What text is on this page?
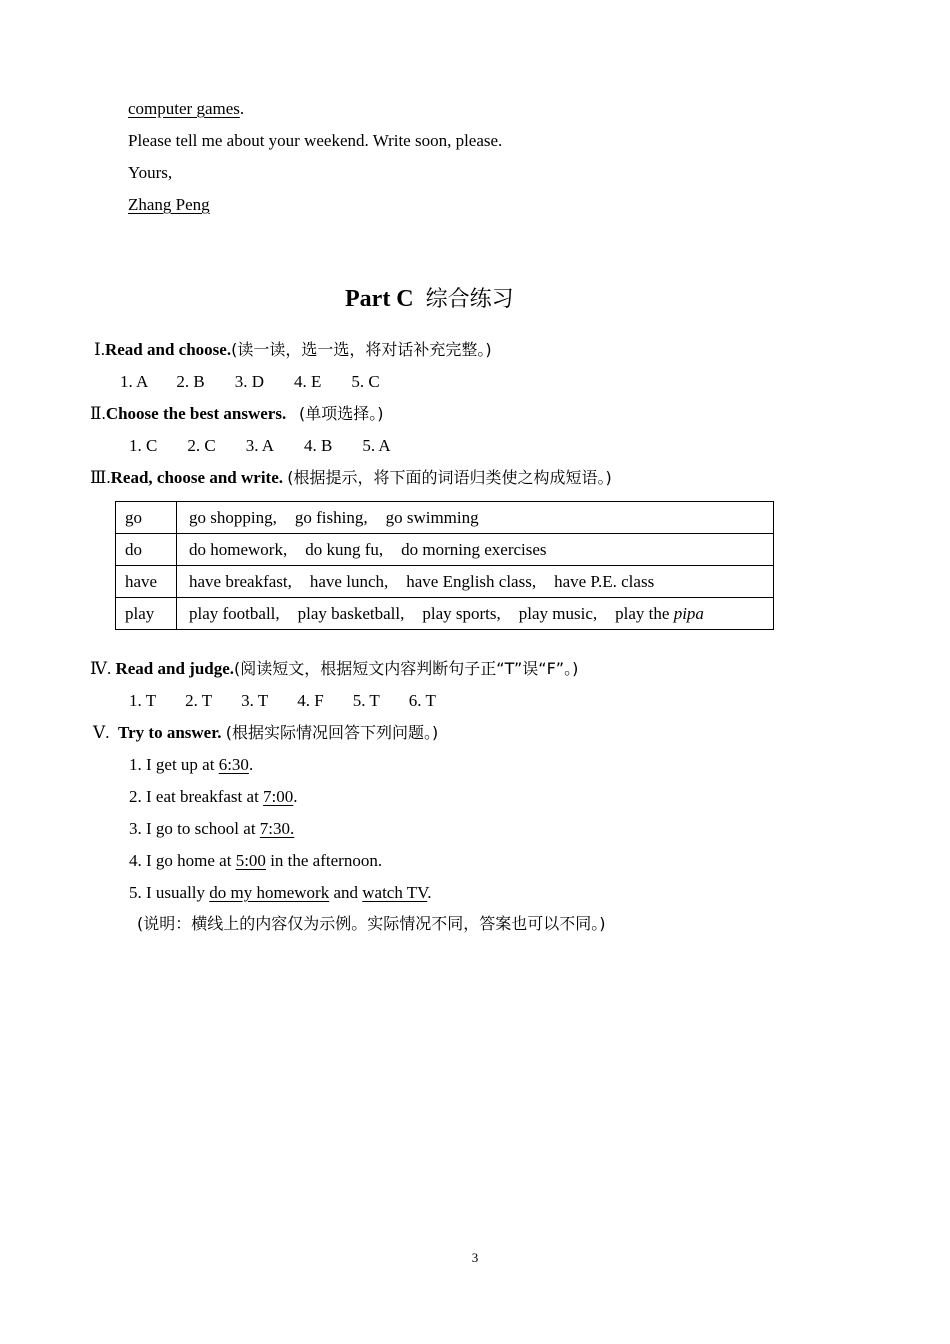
computer games.
Please tell me about your weekend. Write soon, please.
Yours,
Zhang Peng
Part C 综合练习
Ⅰ.Read and choose.(读一读，选一选，将对话补充完整。)
1. A 2. B 3. D 4. E 5. C
Ⅱ.Choose the best answers. (单项选择。)
1. C 2. C 3. A 4. B 5. A
Ⅲ.Read, choose and write. (根据提示，将下面的词语归类使之构成短语。)
go	go shopping, go fishing, go swimming
do	do homework, do kung fu, do morning exercises
have	have breakfast, have lunch, have English class, have P.E. class
play	play football, play basketball, play sports, play music, play the pipa
Ⅳ. Read and judge.(阅读短文，根据短文内容判断句子正“T”误“F”。)
1. T 2. T 3. T 4. F 5. T 6. T
Ⅴ. Try to answer. (根据实际情况回答下列问题。)
1. I get up at 6:30.
2. I eat breakfast at 7:00.
3. I go to school at 7:30.
4. I go home at 5:00 in the afternoon.
5. I usually do my homework and watch TV.
(说明：横线上的内容仅为示例。实际情况不同，答案也可以不同。)
3
